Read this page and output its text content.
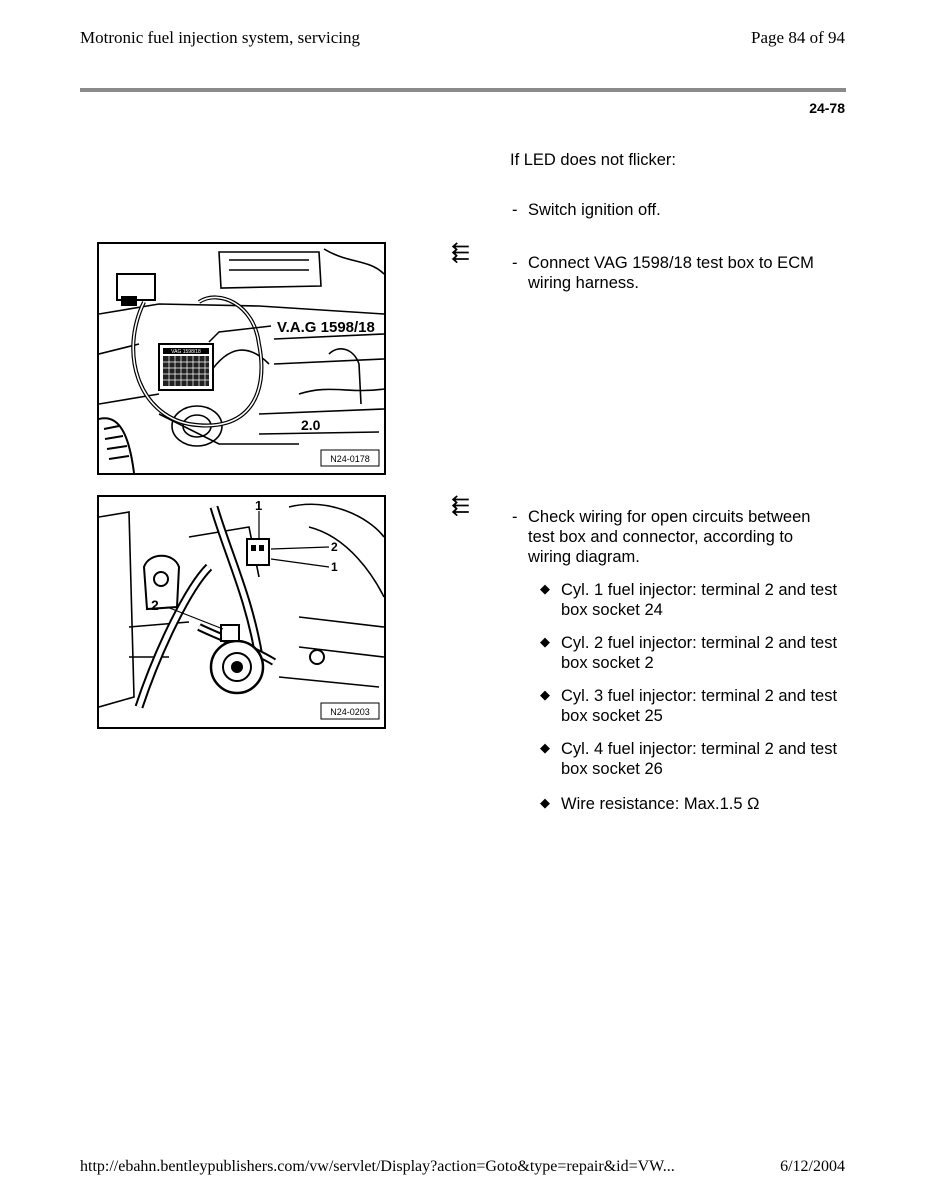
Motronic fuel injection system, servicing	Page 84 of 94
24-78
If LED does not flicker:
- Switch ignition off.
⬱
- Connect VAG 1598/18 test box to ECM wiring harness.
⬱
- Check wiring for open circuits between test box and connector, according to wiring diagram.
◆ Cyl. 1 fuel injector: terminal 2 and test box socket 24
◆ Cyl. 2 fuel injector: terminal 2 and test box socket 2
◆ Cyl. 3 fuel injector: terminal 2 and test box socket 25
◆ Cyl. 4 fuel injector: terminal 2 and test box socket 26
◆ Wire resistance: Max.1.5 Ω
VAG 1598/18
V.A.G 1598/18
2.0
N24-0178
1
2
1
2
N24-0203
http://ebahn.bentleypublishers.com/vw/servlet/Display?action=Goto&type=repair&id=VW...	6/12/2004
